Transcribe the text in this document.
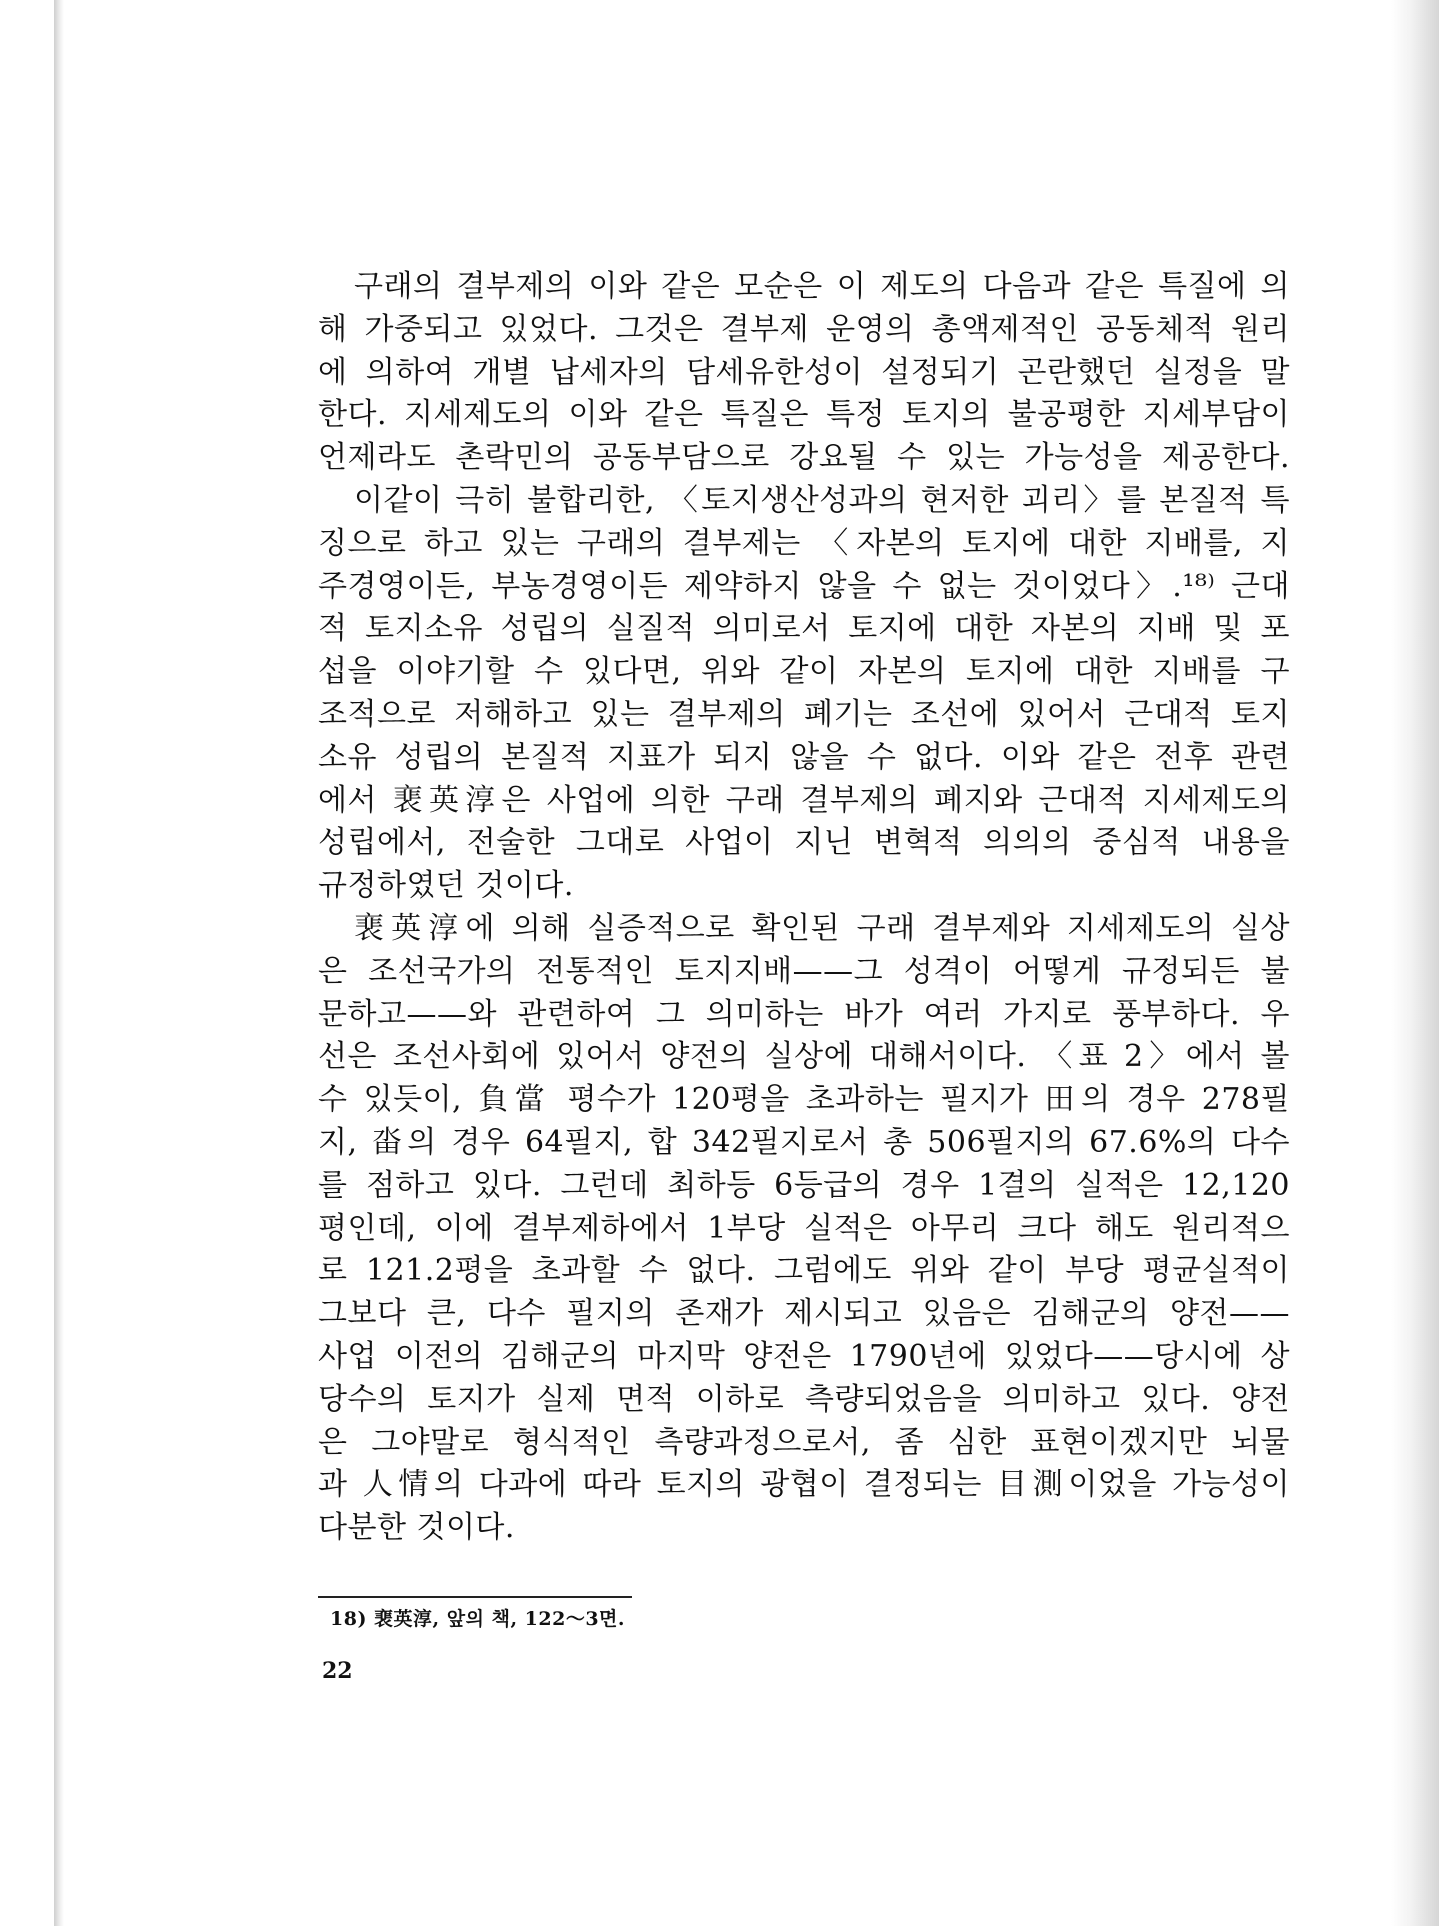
구래의 결부제의 이와 같은 모순은 이 제도의 다음과 같은 특질에 의
해 가중되고 있었다. 그것은 결부제 운영의 총액제적인 공동체적 원리
에 의하여 개별 납세자의 담세유한성이 설정되기 곤란했던 실정을 말
한다. 지세제도의 이와 같은 특질은 특정 토지의 불공평한 지세부담이
언제라도 촌락민의 공동부담으로 강요될 수 있는 가능성을 제공한다.
이같이 극히 불합리한, 〈토지생산성과의 현저한 괴리〉를 본질적 특
징으로 하고 있는 구래의 결부제는 〈자본의 토지에 대한 지배를, 지
주경영이든, 부농경영이든 제약하지 않을 수 없는 것이었다〉.¹⁸⁾ 근대
적 토지소유 성립의 실질적 의미로서 토지에 대한 자본의 지배 및 포
섭을 이야기할 수 있다면, 위와 같이 자본의 토지에 대한 지배를 구
조적으로 저해하고 있는 결부제의 폐기는 조선에 있어서 근대적 토지
소유 성립의 본질적 지표가 되지 않을 수 없다. 이와 같은 전후 관련
에서 裵英淳은 사업에 의한 구래 결부제의 폐지와 근대적 지세제도의
성립에서, 전술한 그대로 사업이 지닌 변혁적 의의의 중심적 내용을
규정하였던 것이다.
裵英淳에 의해 실증적으로 확인된 구래 결부제와 지세제도의 실상
은 조선국가의 전통적인 토지지배——그 성격이 어떻게 규정되든 불
문하고——와 관련하여 그 의미하는 바가 여러 가지로 풍부하다. 우
선은 조선사회에 있어서 양전의 실상에 대해서이다. 〈표 2〉에서 볼
수 있듯이, 負當 평수가 120평을 초과하는 필지가 田의 경우 278필
지, 畓의 경우 64필지, 합 342필지로서 총 506필지의 67.6%의 다수
를 점하고 있다. 그런데 최하등 6등급의 경우 1결의 실적은 12,120
평인데, 이에 결부제하에서 1부당 실적은 아무리 크다 해도 원리적으
로 121.2평을 초과할 수 없다. 그럼에도 위와 같이 부당 평균실적이
그보다 큰, 다수 필지의 존재가 제시되고 있음은 김해군의 양전——
사업 이전의 김해군의 마지막 양전은 1790년에 있었다——당시에 상
당수의 토지가 실제 면적 이하로 측량되었음을 의미하고 있다. 양전
은 그야말로 형식적인 측량과정으로서, 좀 심한 표현이겠지만 뇌물
과 人情의 다과에 따라 토지의 광협이 결정되는 目測이었을 가능성이
다분한 것이다.
18) 裵英淳, 앞의 책, 122～3면.
22
